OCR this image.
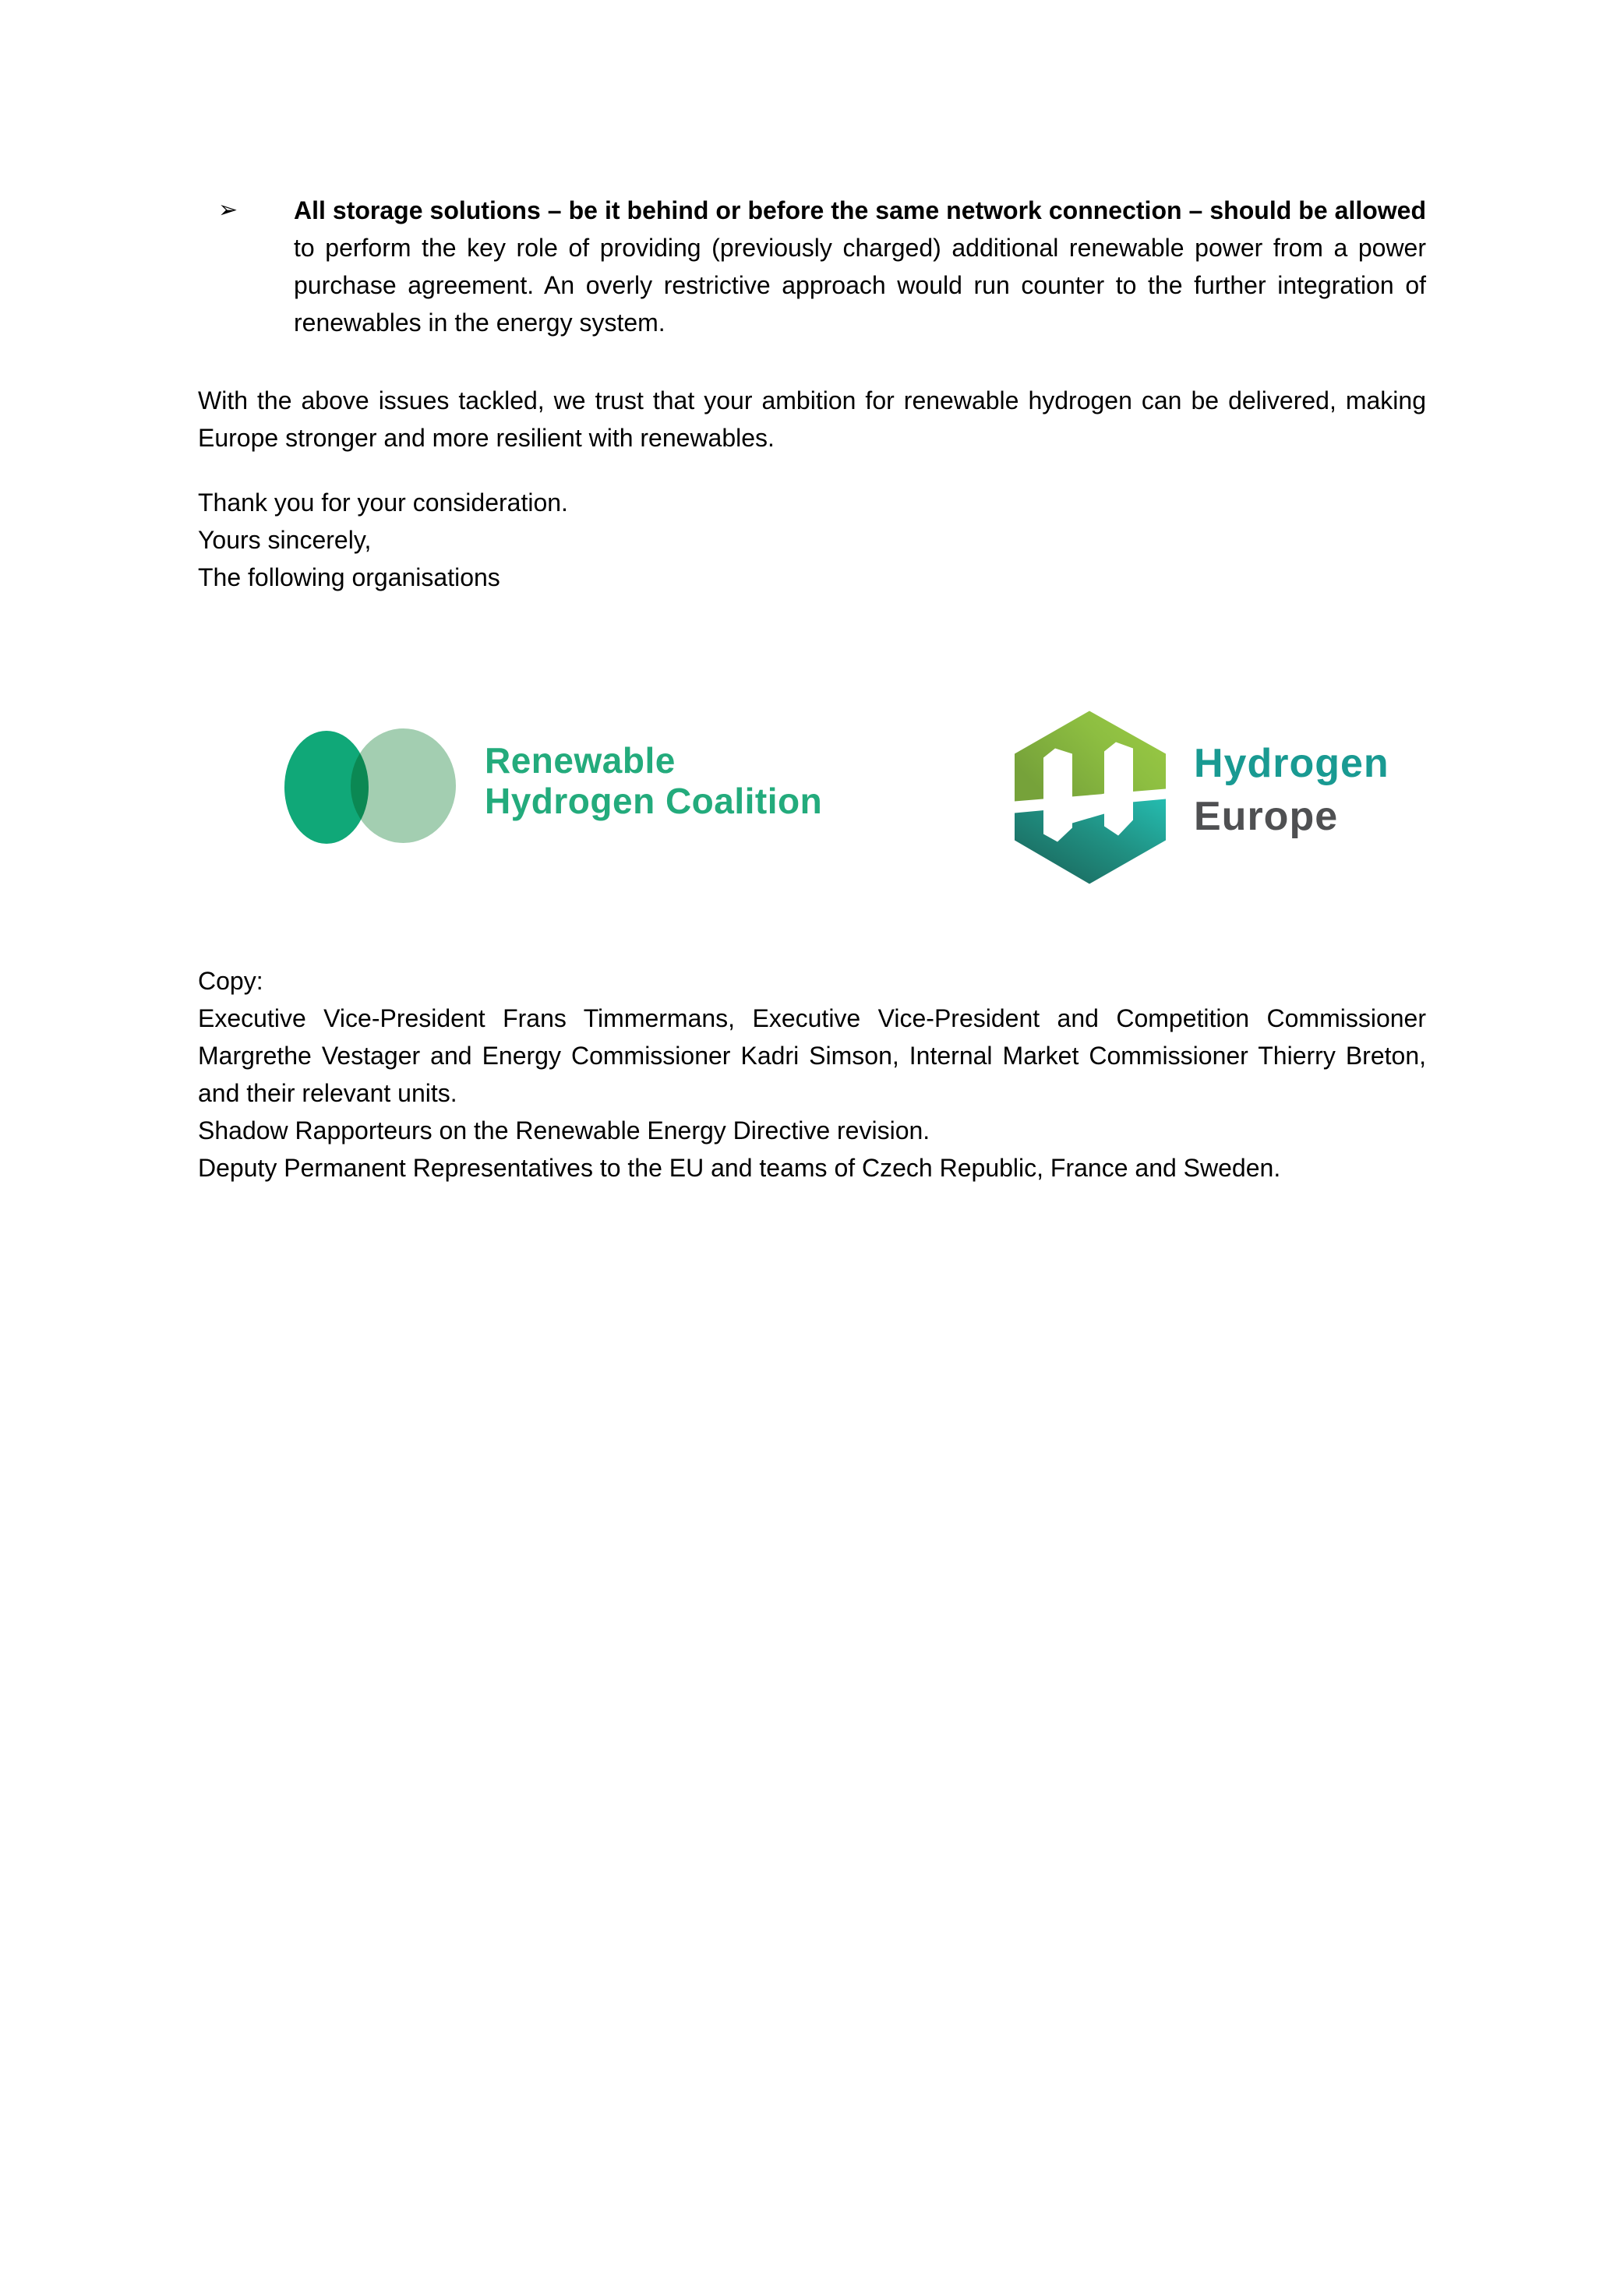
➢	All storage solutions – be it behind or before the same network connection – should be allowed to perform the key role of providing (previously charged) additional renewable power from a power purchase agreement. An overly restrictive approach would run counter to the further integration of renewables in the energy system.

With the above issues tackled, we trust that your ambition for renewable hydrogen can be delivered, making Europe stronger and more resilient with renewables.

Thank you for your consideration.
Yours sincerely,
The following organisations
Renewable
Hydrogen Coalition
Hydrogen
Europe
Copy:

Executive Vice-President Frans Timmermans, Executive Vice-President and Competition Commissioner Margrethe Vestager and Energy Commissioner Kadri Simson, Internal Market Commissioner Thierry Breton, and their relevant units.

Shadow Rapporteurs on the Renewable Energy Directive revision.

Deputy Permanent Representatives to the EU and teams of Czech Republic, France and Sweden.
